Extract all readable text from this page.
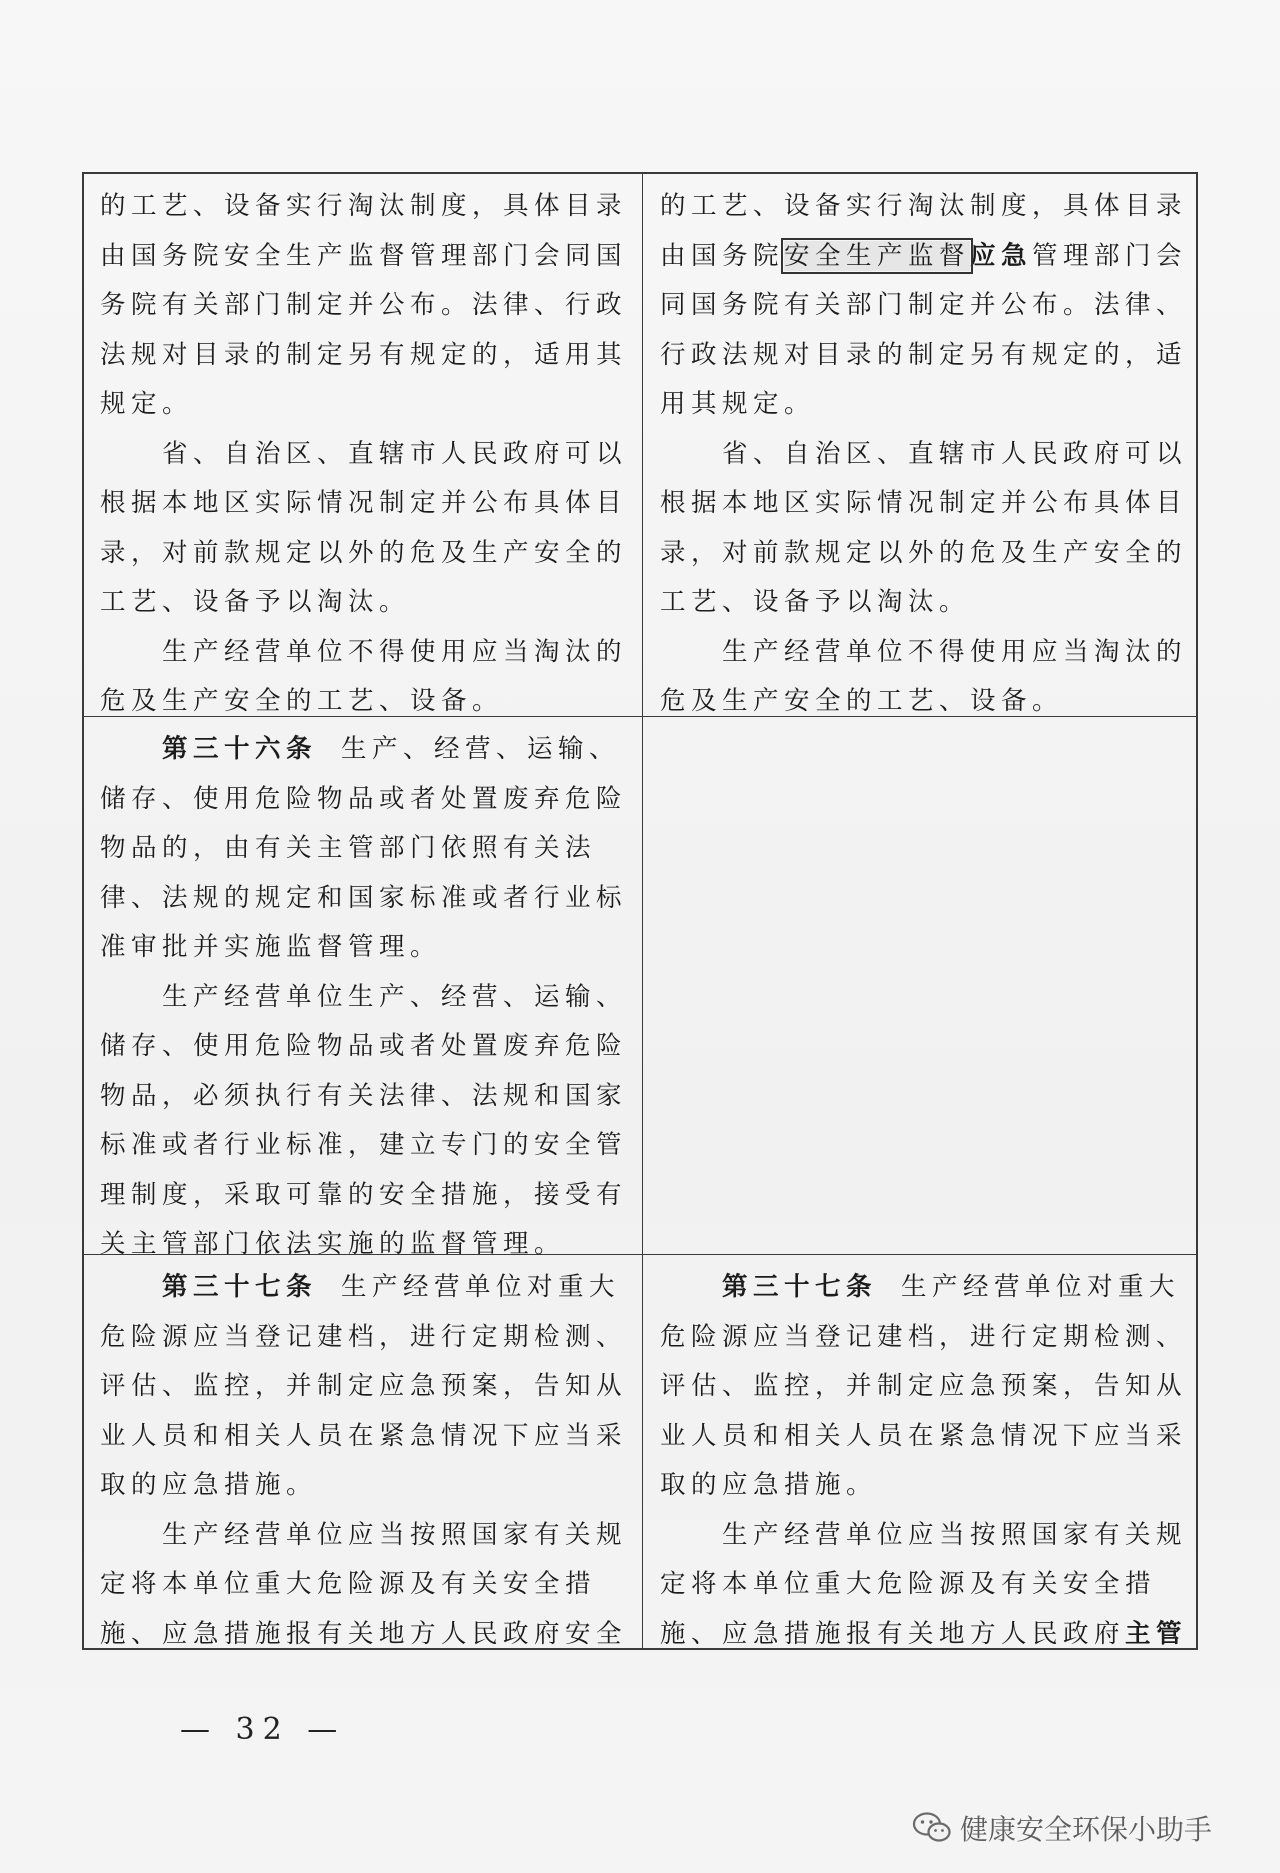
的工艺、设备实行淘汰制度，具体目录由国务院安全生产监督管理部门会同国务院有关部门制定并公布。法律、行政法规对目录的制定另有规定的，适用其规定。

省、自治区、直辖市人民政府可以根据本地区实际情况制定并公布具体目录，对前款规定以外的危及生产安全的工艺、设备予以淘汰。

生产经营单位不得使用应当淘汰的危及生产安全的工艺、设备。

的工艺、设备实行淘汰制度，具体目录由国务院安全生产监督应急管理部门会同国务院有关部门制定并公布。法律、行政法规对目录的制定另有规定的，适用其规定。

省、自治区、直辖市人民政府可以根据本地区实际情况制定并公布具体目录，对前款规定以外的危及生产安全的工艺、设备予以淘汰。

生产经营单位不得使用应当淘汰的危及生产安全的工艺、设备。

第三十六条 生产、经营、运输、储存、使用危险物品或者处置废弃危险物品的，由有关主管部门依照有关法律、法规的规定和国家标准或者行业标准审批并实施监督管理。

生产经营单位生产、经营、运输、储存、使用危险物品或者处置废弃危险物品，必须执行有关法律、法规和国家标准或者行业标准，建立专门的安全管理制度，采取可靠的安全措施，接受有关主管部门依法实施的监督管理。

第三十七条 生产经营单位对重大危险源应当登记建档，进行定期检测、评估、监控，并制定应急预案，告知从业人员和相关人员在紧急情况下应当采取的应急措施。

生产经营单位应当按照国家有关规定将本单位重大危险源及有关安全措施、应急措施报有关地方人民政府安全

第三十七条 生产经营单位对重大危险源应当登记建档，进行定期检测、评估、监控，并制定应急预案，告知从业人员和相关人员在紧急情况下应当采取的应急措施。

生产经营单位应当按照国家有关规定将本单位重大危险源及有关安全措施、应急措施报有关地方人民政府主管

— 32 —
健康安全环保小助手
